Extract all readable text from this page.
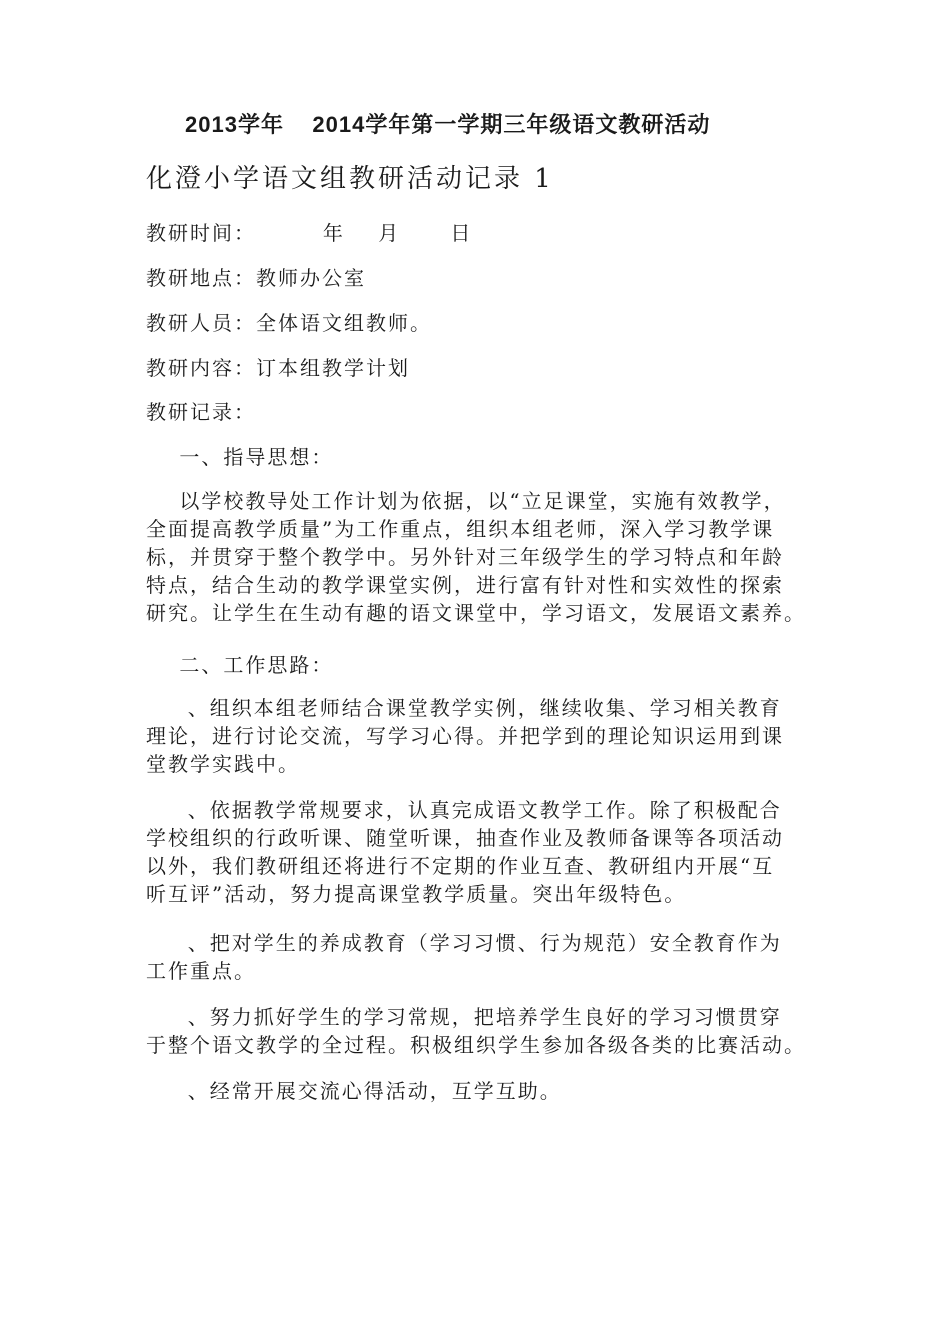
2013学年    2014学年第一学期三年级语文教研活动
化澄小学语文组教研活动记录 1
教研时间：        年    月      日
教研地点：教师办公室
教研人员：全体语文组教师。
教研内容：订本组教学计划
教研记录：
一、指导思想：
以学校教导处工作计划为依据，以“立足课堂，实施有效教学，
全面提高教学质量”为工作重点，组织本组老师，深入学习教学课
标，并贯穿于整个教学中。另外针对三年级学生的学习特点和年龄
特点，结合生动的教学课堂实例，进行富有针对性和实效性的探索
研究。让学生在生动有趣的语文课堂中，学习语文，发展语文素养。
二、工作思路：
、组织本组老师结合课堂教学实例，继续收集、学习相关教育
理论，进行讨论交流，写学习心得。并把学到的理论知识运用到课
堂教学实践中。
、依据教学常规要求，认真完成语文教学工作。除了积极配合
学校组织的行政听课、随堂听课，抽查作业及教师备课等各项活动
以外，我们教研组还将进行不定期的作业互查、教研组内开展“互
听互评”活动，努力提高课堂教学质量。突出年级特色。
、把对学生的养成教育（学习习惯、行为规范）安全教育作为
工作重点。
、努力抓好学生的学习常规，把培养学生良好的学习习惯贯穿
于整个语文教学的全过程。积极组织学生参加各级各类的比赛活动。
、经常开展交流心得活动，互学互助。
